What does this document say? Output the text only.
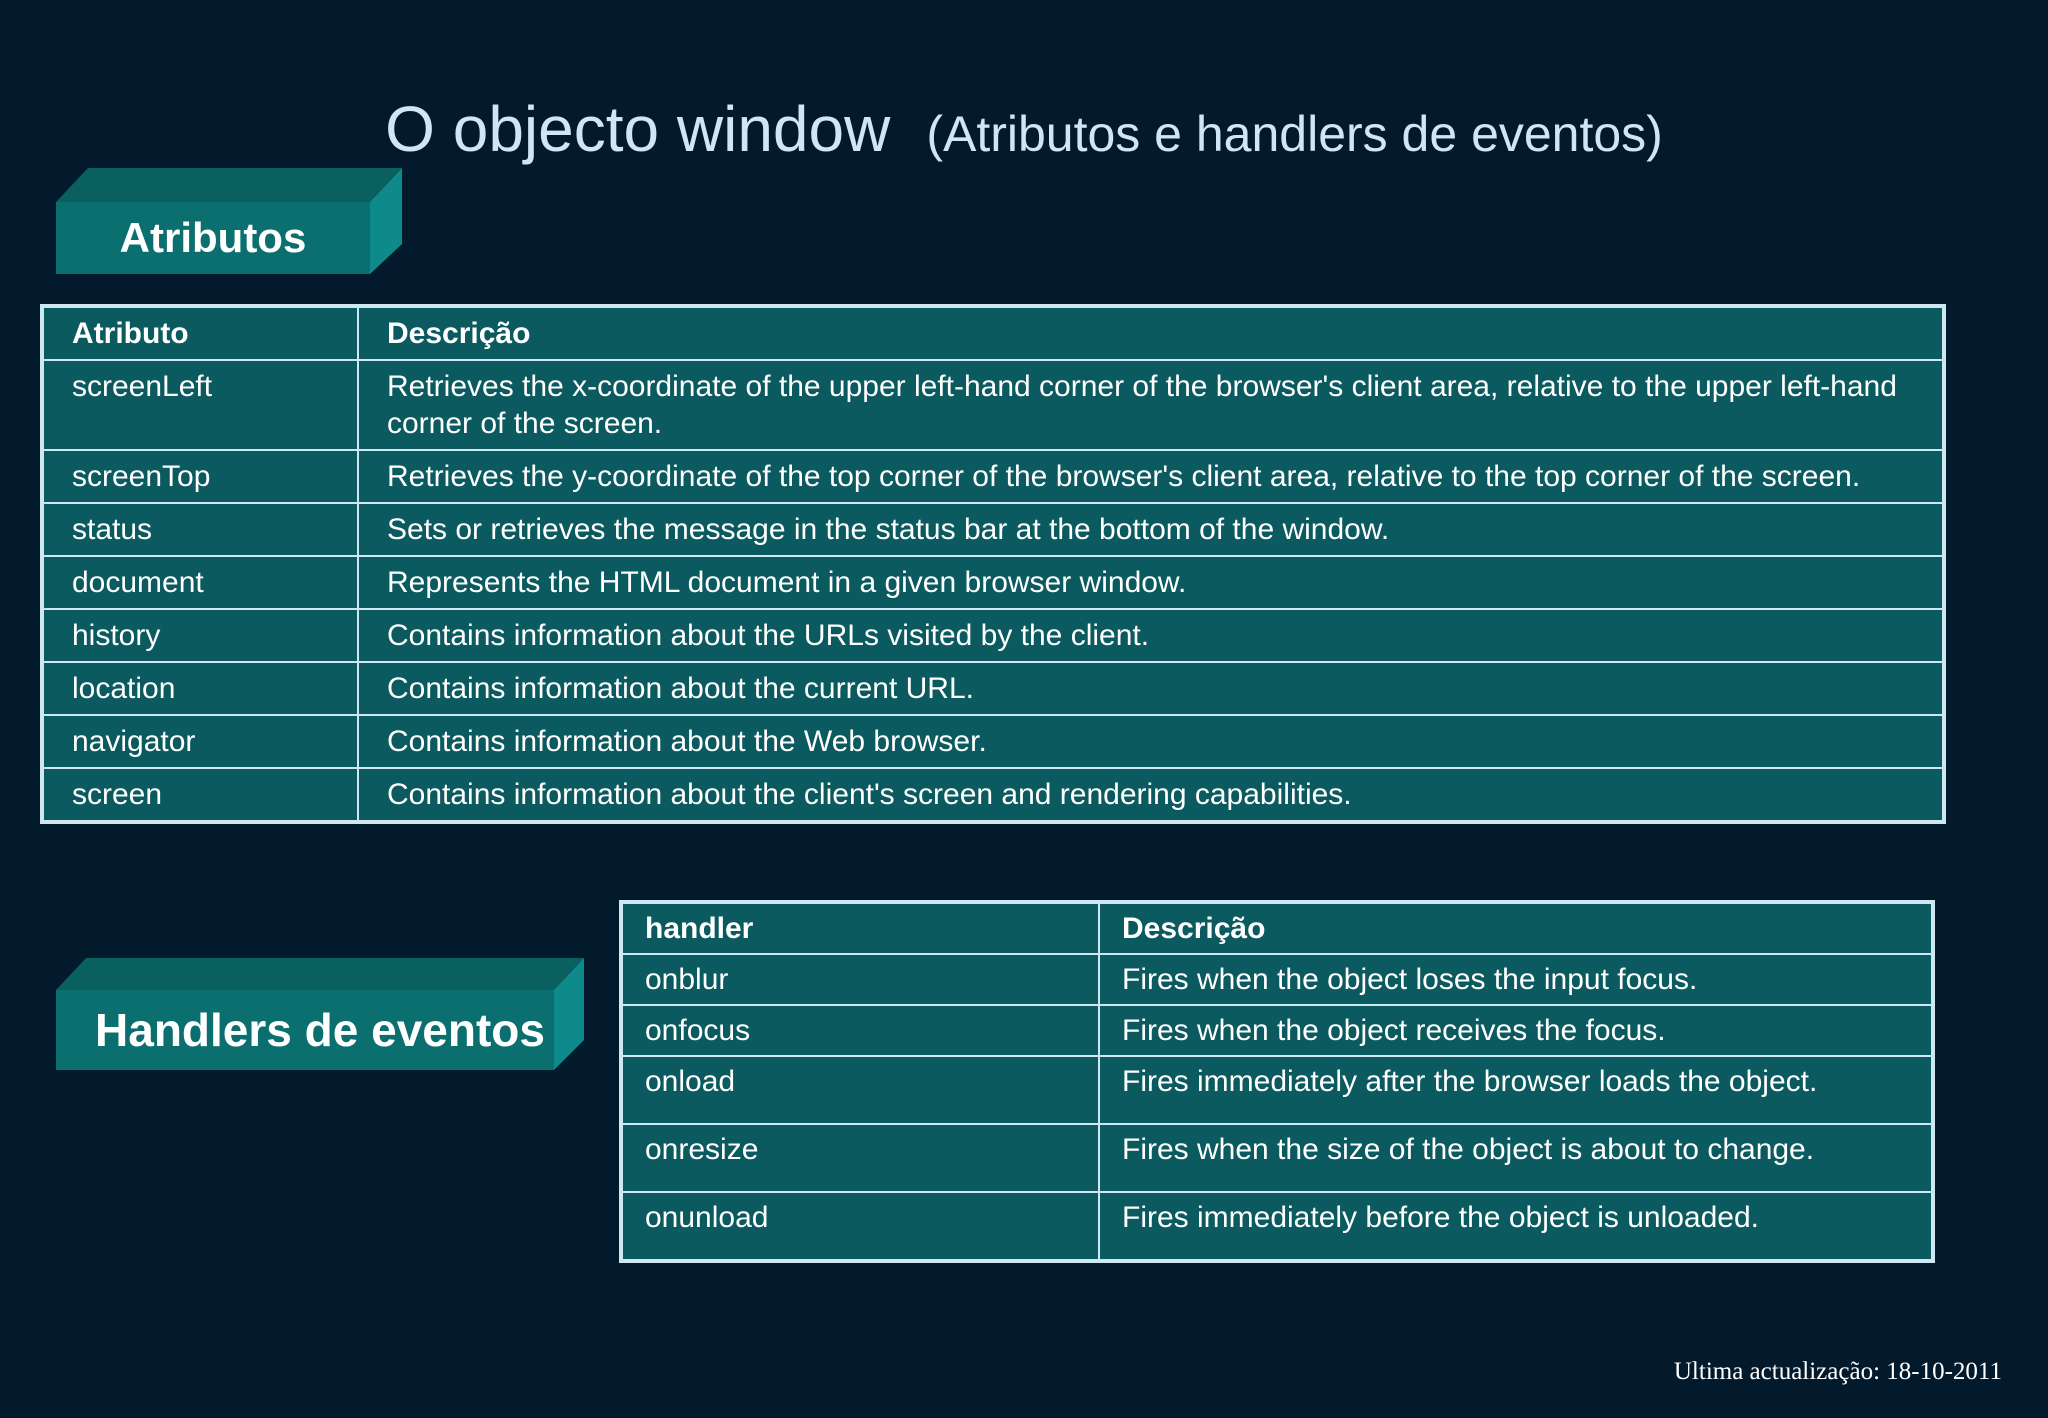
O objecto window (Atributos e handlers de eventos)
Atributos
Handlers de eventos
Atributo	Descrição
screenLeft	Retrieves the x-coordinate of the upper left-hand corner of the browser's client area, relative to the upper left-hand corner of the screen.
screenTop	Retrieves the y-coordinate of the top corner of the browser's client area, relative to the top corner of the screen.
status	Sets or retrieves the message in the status bar at the bottom of the window.
document	Represents the HTML document in a given browser window.
history	Contains information about the URLs visited by the client.
location	Contains information about the current URL.
navigator	Contains information about the Web browser.
screen	Contains information about the client's screen and rendering capabilities.
handler	Descrição
onblur	Fires when the object loses the input focus.
onfocus	Fires when the object receives the focus.
onload	Fires immediately after the browser loads the object.
onresize	Fires when the size of the object is about to change.
onunload	Fires immediately before the object is unloaded.
Ultima actualização: 18-10-2011
